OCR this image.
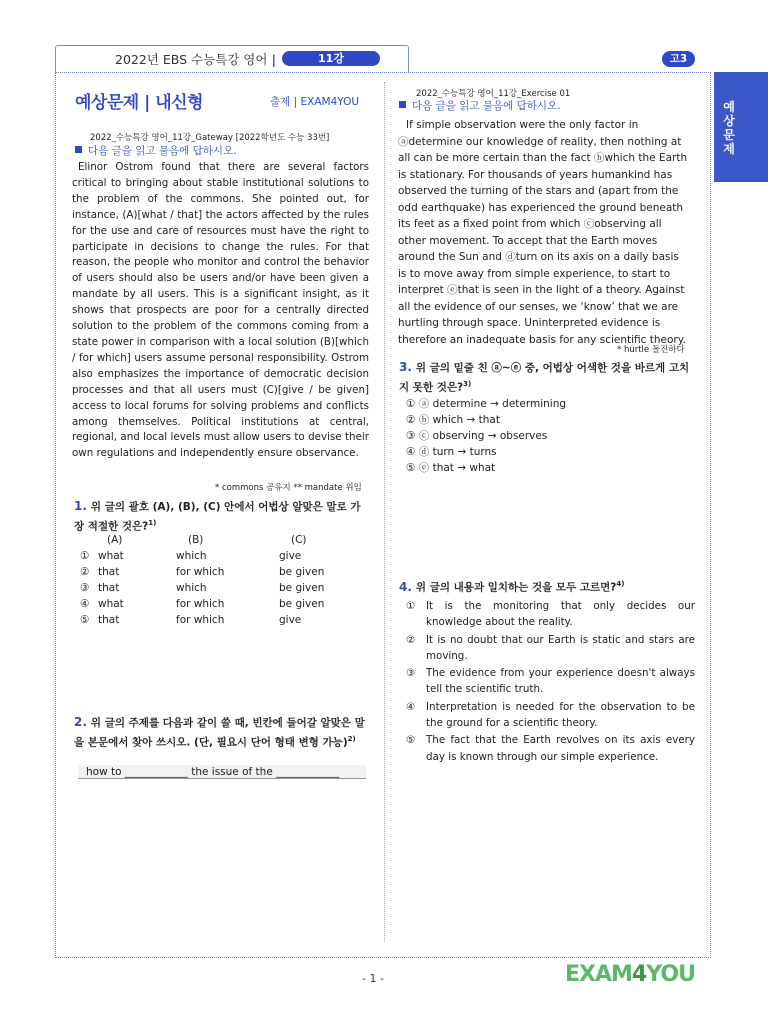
2022년 EBS 수능특강 영어 |	11강	고3
예상문제
예상문제 | 내신형	출제 | EXAM4YOU
2022_수능특강 영어_11강_Gateway [2022학년도 수능 33번]
다음 글을 읽고 물음에 답하시오.

Elinor Ostrom found that there are several factors critical to bringing about stable institutional solutions to the problem of the commons. She pointed out, for instance, (A)[what / that] the actors affected by the rules for the use and care of resources must have the right to participate in decisions to change the rules. For that reason, the people who monitor and control the behavior of users should also be users and/or have been given a mandate by all users. This is a significant insight, as it shows that prospects are poor for a centrally directed solution to the problem of the commons coming from a state power in comparison with a local solution (B)[which / for which] users assume personal responsibility. Ostrom also emphasizes the importance of democratic decision processes and that all users must (C)[give / be given] access to local forums for solving problems and conflicts among themselves. Political institutions at central, regional, and local levels must allow users to devise their own regulations and independently ensure observance.

* commons 공유지 ** mandate 위임
1. 위 글의 괄호 (A), (B), (C) 안에서 어법상 알맞은 말로 가장 적절한 것은?$^{1)}$
(A)	(B)	(C)
① what	which	give
② that	for which	be given
③ that	which	be given
④ what	for which	be given
⑤ that	for which	give
2. 위 글의 주제를 다음과 같이 쓸 때, 빈칸에 들어갈 알맞은 말을 본문에서 찾아 쓰시오. (단, 필요시 단어 형태 변형 가능)$^{2)}$
how to ____________ the issue of the ____________
2022_수능특강 영어_11강_Exercise 01
다음 글을 읽고 물음에 답하시오.
If simple observation were the only factor in
ⓐdetermine our knowledge of reality, then nothing at
all can be more certain than the fact ⓑwhich the Earth
is stationary. For thousands of years humankind has
observed the turning of the stars and (apart from the
odd earthquake) has experienced the ground beneath
its feet as a fixed point from which ⓒobserving all
other movement. To accept that the Earth moves
around the Sun and ⓓturn on its axis on a daily basis
is to move away from simple experience, to start to
interpret ⓔthat is seen in the light of a theory. Against
all the evidence of our senses, we ‘know’ that we are
hurtling through space. Uninterpreted evidence is
therefore an inadequate basis for any scientific theory.
* hurtle 돌진하다
3. 위 글의 밑줄 친 ⓐ~ⓔ 중, 어법상 어색한 것을 바르게 고치지 못한 것은?$^{3)}$
① ⓐ determine → determining
② ⓑ which → that
③ ⓒ observing → observes
④ ⓓ turn → turns
⑤ ⓔ that → what
4. 위 글의 내용과 일치하는 것을 모두 고르면?$^{4)}$
①	It is the monitoring that only decides our knowledge about the reality.
②	It is no doubt that our Earth is static and stars are moving.
③	The evidence from your experience doesn't always tell the scientific truth.
④	Interpretation is needed for the observation to be the ground for a scientific theory.
⑤	The fact that the Earth revolves on its axis every day is known through our simple experience.
- 1 -	EXAM4YOU
